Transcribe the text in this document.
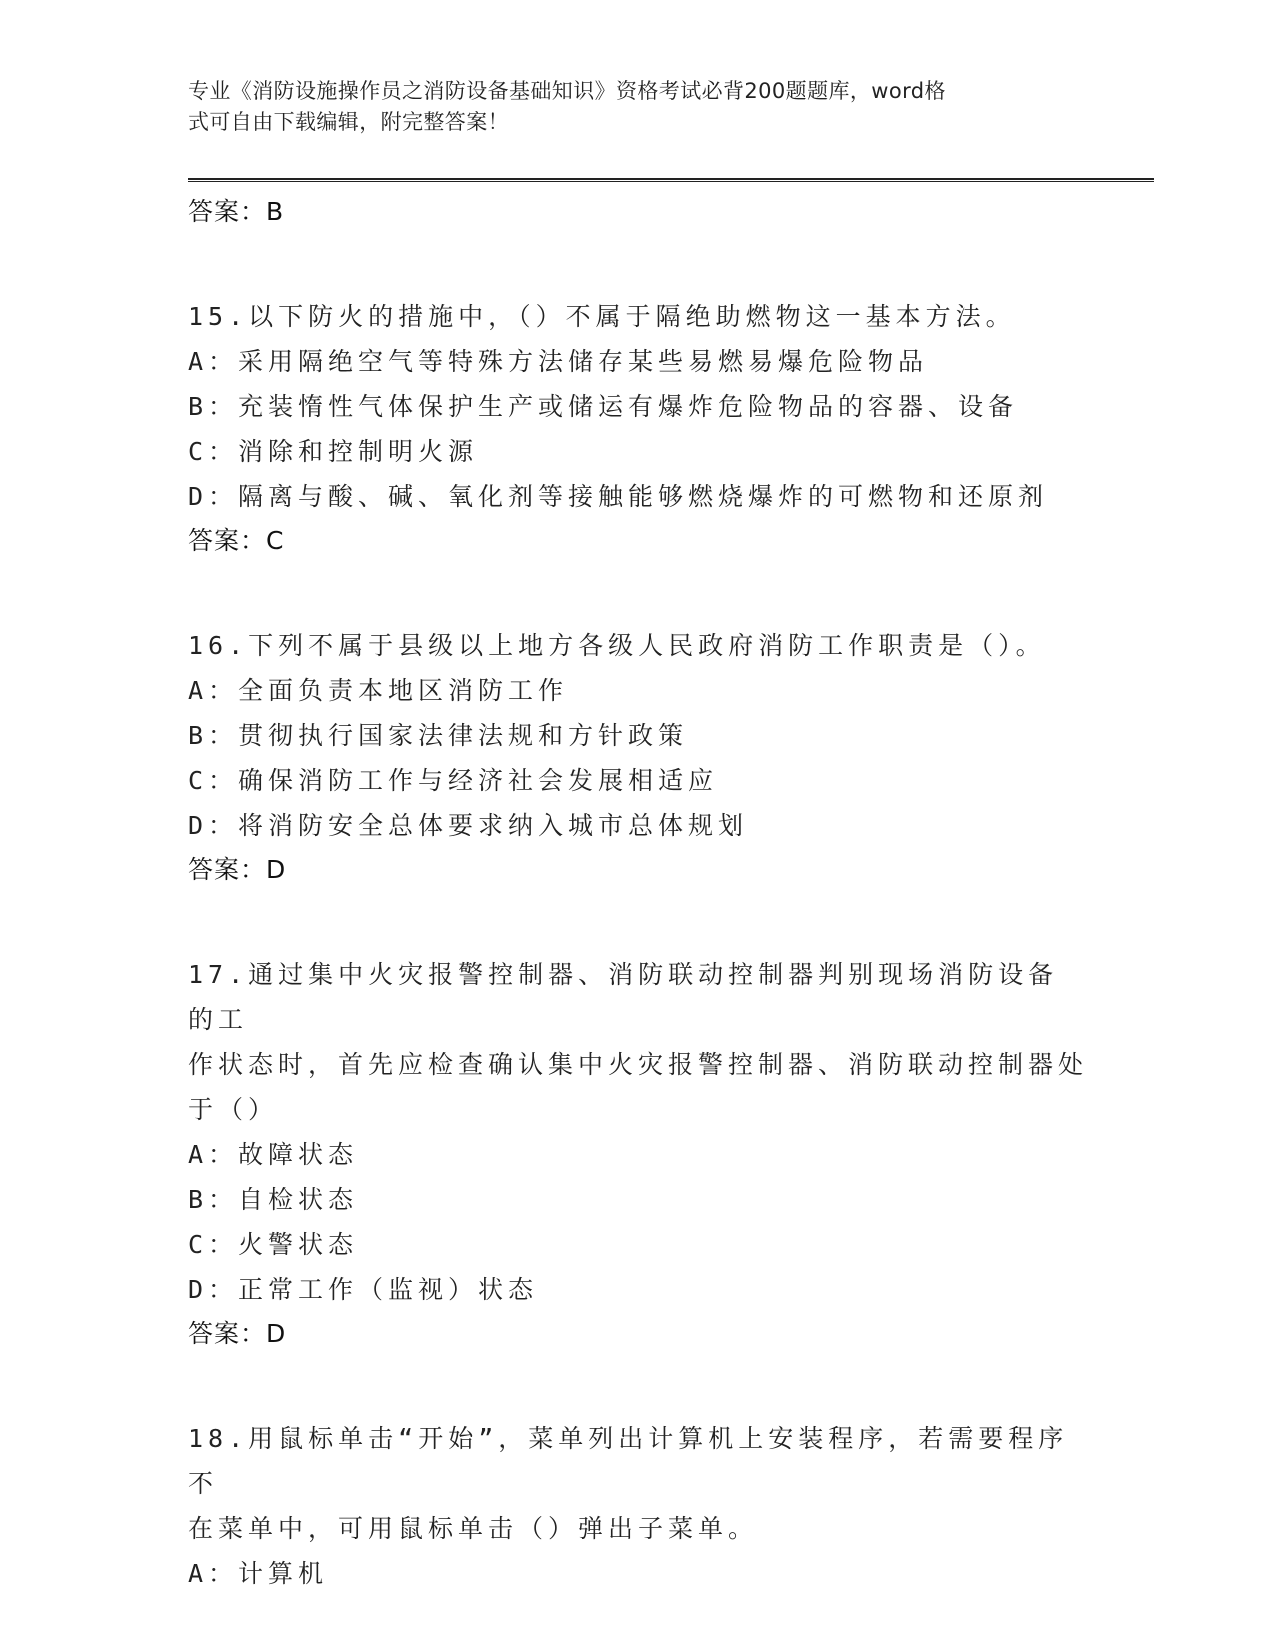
专业《消防设施操作员之消防设备基础知识》资格考试必背200题题库，word格
式可自由下载编辑，附完整答案！
答案：B
15.以下防火的措施中，（）不属于隔绝助燃物这一基本方法。
A：采用隔绝空气等特殊方法储存某些易燃易爆危险物品
B：充装惰性气体保护生产或储运有爆炸危险物品的容器、设备
C：消除和控制明火源
D：隔离与酸、碱、氧化剂等接触能够燃烧爆炸的可燃物和还原剂
答案：C
16.下列不属于县级以上地方各级人民政府消防工作职责是（）。
A：全面负责本地区消防工作
B：贯彻执行国家法律法规和方针政策
C：确保消防工作与经济社会发展相适应
D：将消防安全总体要求纳入城市总体规划
答案：D
17.通过集中火灾报警控制器、消防联动控制器判别现场消防设备的工
作状态时，首先应检查确认集中火灾报警控制器、消防联动控制器处
于（）
A：故障状态
B：自检状态
C：火警状态
D：正常工作（监视）状态
答案：D
18.用鼠标单击“开始”，菜单列出计算机上安装程序，若需要程序不
在菜单中，可用鼠标单击（）弹出子菜单。
A：计算机
